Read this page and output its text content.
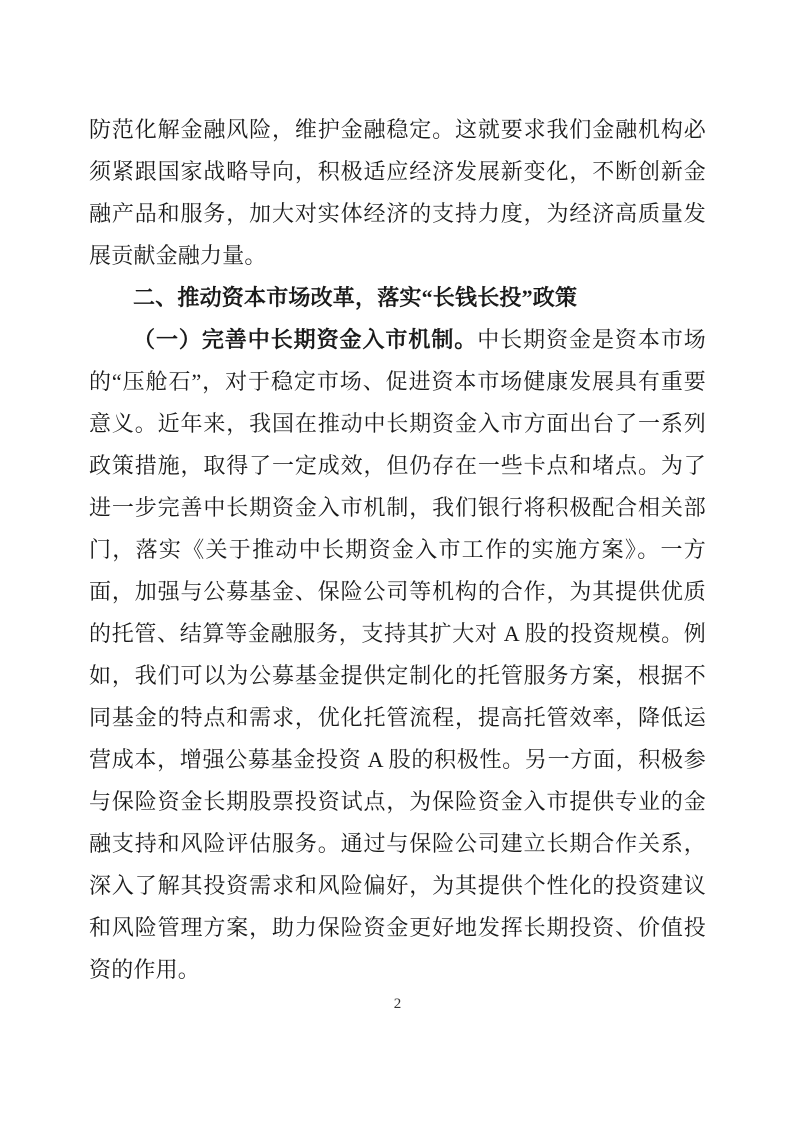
防范化解金融风险，维护金融稳定。这就要求我们金融机构必须紧跟国家战略导向，积极适应经济发展新变化，不断创新金融产品和服务，加大对实体经济的支持力度，为经济高质量发展贡献金融力量。

二、推动资本市场改革，落实“长钱长投”政策

（一）完善中长期资金入市机制。中长期资金是资本市场的“压舱石”，对于稳定市场、促进资本市场健康发展具有重要意义。近年来，我国在推动中长期资金入市方面出台了一系列政策措施，取得了一定成效，但仍存在一些卡点和堵点。为了进一步完善中长期资金入市机制，我们银行将积极配合相关部门，落实《关于推动中长期资金入市工作的实施方案》。一方面，加强与公募基金、保险公司等机构的合作，为其提供优质的托管、结算等金融服务，支持其扩大对 A 股的投资规模。例如，我们可以为公募基金提供定制化的托管服务方案，根据不同基金的特点和需求，优化托管流程，提高托管效率，降低运营成本，增强公募基金投资 A 股的积极性。另一方面，积极参与保险资金长期股票投资试点，为保险资金入市提供专业的金融支持和风险评估服务。通过与保险公司建立长期合作关系，深入了解其投资需求和风险偏好，为其提供个性化的投资建议和风险管理方案，助力保险资金更好地发挥长期投资、价值投资的作用。

2
